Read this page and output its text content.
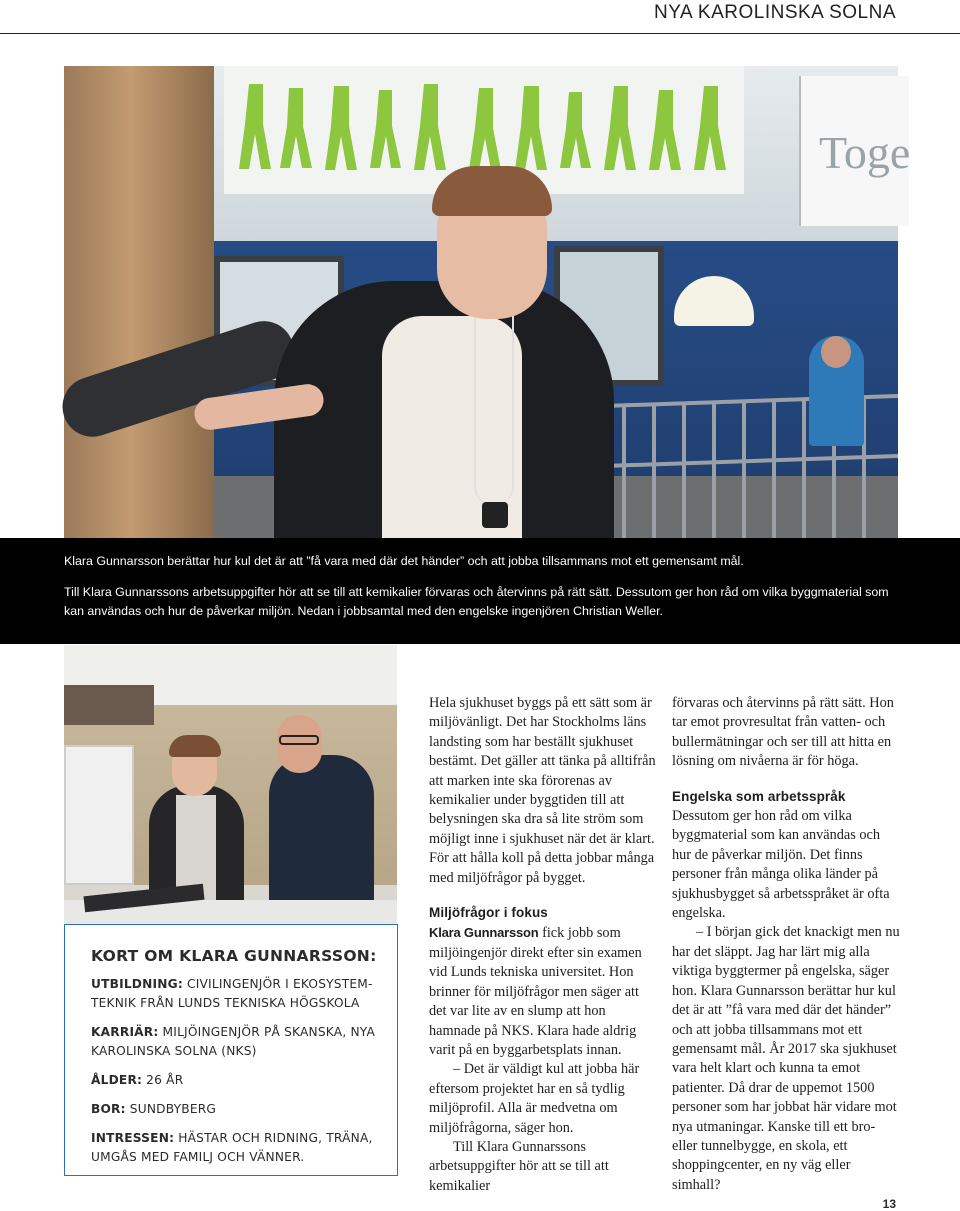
NYA KAROLINSKA SOLNA
Toge

Klara Gunnarsson berättar hur kul det är att ”få vara med där det händer” och att jobba tillsammans mot ett gemensamt mål.

Till Klara Gunnarssons arbetsuppgifter hör att se till att kemikalier förvaras och återvinns på rätt sätt. Dessutom ger hon råd om vilka byggmaterial som kan användas och hur de påverkar miljön. Nedan i jobbsamtal med den engelske ingenjören Christian Weller.

KORT OM KLARA GUNNARSSON:
UTBILDNING: CIVILINGENJÖR I EKOSYSTEM-TEKNIK FRÅN LUNDS TEKNISKA HÖGSKOLA
KARRIÄR: MILJÖINGENJÖR PÅ SKANSKA, NYA KAROLINSKA SOLNA (NKS)
ÅLDER: 26 ÅR
BOR: SUNDBYBERG
INTRESSEN: HÄSTAR OCH RIDNING, TRÄNA, UMGÅS MED FAMILJ OCH VÄNNER.

Hela sjukhuset byggs på ett sätt som är miljövänligt. Det har Stockholms läns landsting som har beställt sjukhuset bestämt. Det gäller att tänka på alltifrån att marken inte ska förorenas av kemikalier under byggtiden till att belysningen ska dra så lite ström som möjligt inne i sjukhuset när det är klart. För att hålla koll på detta jobbar många med miljöfrågor på bygget.

Miljöfrågor i fokus

Klara Gunnarsson fick jobb som miljöingenjör direkt efter sin examen vid Lunds tekniska universitet. Hon brinner för miljöfrågor men säger att det var lite av en slump att hon hamnade på NKS. Klara hade aldrig varit på en byggarbetsplats innan.

– Det är väldigt kul att jobba här eftersom projektet har en så tydlig miljöprofil. Alla är medvetna om miljöfrågorna, säger hon.

Till Klara Gunnarssons arbetsuppgifter hör att se till att kemikalier

förvaras och återvinns på rätt sätt. Hon tar emot provresultat från vatten- och bullermätningar och ser till att hitta en lösning om nivåerna är för höga.

Engelska som arbetsspråk

Dessutom ger hon råd om vilka byggmaterial som kan användas och hur de påverkar miljön. Det finns personer från många olika länder på sjukhusbygget så arbetsspråket är ofta engelska.

– I början gick det knackigt men nu har det släppt. Jag har lärt mig alla viktiga byggtermer på engelska, säger hon. Klara Gunnarsson berättar hur kul det är att ”få vara med där det händer” och att jobba tillsammans mot ett gemensamt mål. År 2017 ska sjukhuset vara helt klart och kunna ta emot patienter. Då drar de uppemot 1500 personer som har jobbat här vidare mot nya utmaningar. Kanske till ett bro- eller tunnelbygge, en skola, ett shoppingcenter, en ny väg eller simhall?

13
